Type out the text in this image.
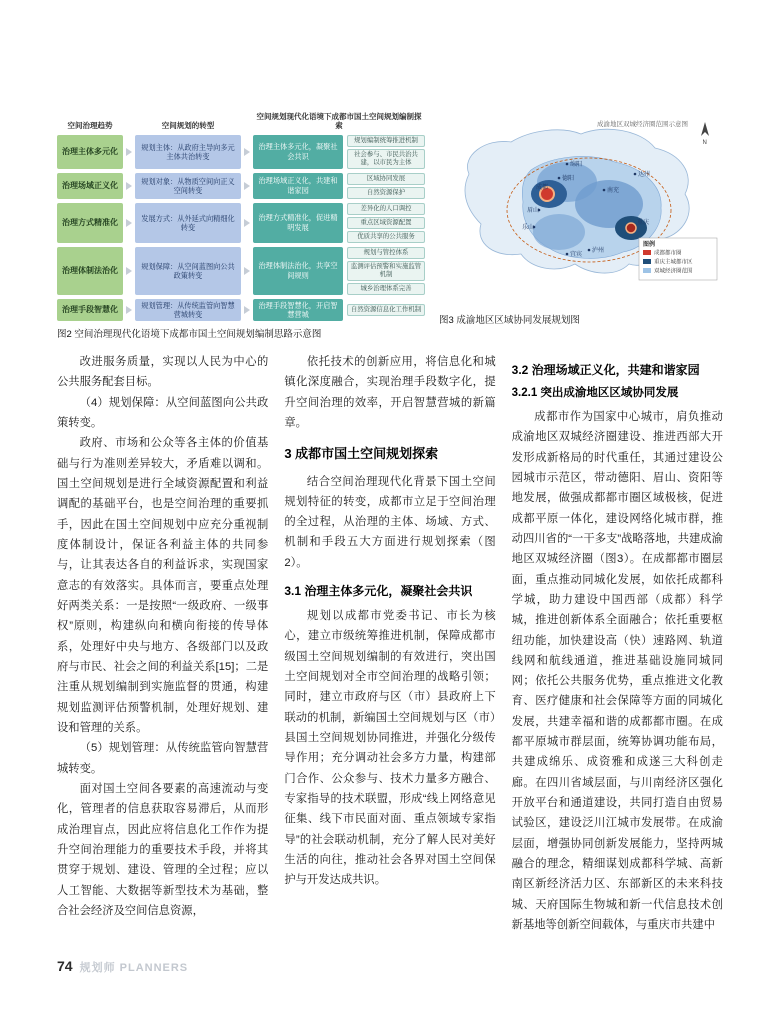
空间治理趋势	空间规划的转型
空间规划现代化语境下成都市国土空间规划编制探索
治理主体多元化	规划主体：从政府主导向多元主体共治转变
治理主体多元化，凝聚社会共识
规划编制统筹推进机制
社会参与、市民共治共建，以市民为主体
治理场域正义化	规划对象：从物质空间向正义空间转变
治理场域正义化，共建和谐家园
区域协同发展
自然资源保护
治理方式精准化	发展方式：从外延式向精细化转变
治理方式精准化，促进精明发展
差异化的人口调控
重点区域资源配置
优质共享的公共服务
治理体制法治化	规划保障：从空间蓝图向公共政策转变
治理体制法治化，共享空间规则
规划与管控体系
监测评估预警和实施监管机制
城乡治理体系完善
治理手段智慧化	规划管理：从传统监管向智慧营城转变
治理手段智慧化，开启智慧营城
自然资源信息化工作机制
图2 空间治理现代化语境下成都市国土空间规划编制思路示意图
绵阳
德阳
成都
眉山
乐山
宜宾
泸州
南充
达州
重庆
成渝地区双城经济圈范围示意图
N
图例
成都都市圈
重庆主城都市区
双城经济圈范围
图3 成渝地区区域协同发展规划图

改进服务质量，实现以人民为中心的公共服务配套目标。

（4）规划保障：从空间蓝图向公共政策转变。

政府、市场和公众等各主体的价值基础与行为准则差异较大，矛盾难以调和。国土空间规划是进行全域资源配置和利益调配的基础平台，也是空间治理的重要抓手，因此在国土空间规划中应充分重视制度体制设计，保证各利益主体的共同参与，让其表达各自的利益诉求，实现国家意志的有效落实。具体而言，要重点处理好两类关系：一是按照“一级政府、一级事权”原则，构建纵向和横向衔接的传导体系，处理好中央与地方、各级部门以及政府与市民、社会之间的利益关系[15]；二是注重从规划编制到实施监督的贯通，构建规划监测评估预警机制，处理好规划、建设和管理的关系。

（5）规划管理：从传统监管向智慧营城转变。

面对国土空间各要素的高速流动与变化，管理者的信息获取容易滞后，从而形成治理盲点，因此应将信息化工作作为提升空间治理能力的重要技术手段，并将其贯穿于规划、建设、管理的全过程；应以人工智能、大数据等新型技术为基础，整合社会经济及空间信息资源，

依托技术的创新应用，将信息化和城镇化深度融合，实现治理手段数字化，提升空间治理的效率，开启智慧营城的新篇章。

3 成都市国土空间规划探索

结合空间治理现代化背景下国土空间规划特征的转变，成都市立足于空间治理的全过程，从治理的主体、场域、方式、机制和手段五大方面进行规划探索（图2）。

3.1 治理主体多元化，凝聚社会共识

规划以成都市党委书记、市长为核心，建立市级统筹推进机制，保障成都市级国土空间规划编制的有效进行，突出国土空间规划对全市空间治理的战略引领；同时，建立市政府与区（市）县政府上下联动的机制，新编国土空间规划与区（市）县国土空间规划协同推进，并强化分级传导作用；充分调动社会多方力量，构建部门合作、公众参与、技术力量多方融合、专家指导的技术联盟，形成“线上网络意见征集、线下市民面对面、重点领域专家指导”的社会联动机制，充分了解人民对美好生活的向往，推动社会各界对国土空间保护与开发达成共识。

3.2 治理场域正义化，共建和谐家园
3.2.1 突出成渝地区区域协同发展

成都市作为国家中心城市，肩负推动成渝地区双城经济圈建设、推进西部大开发形成新格局的时代重任，其通过建设公园城市示范区，带动德阳、眉山、资阳等地发展，做强成都都市圈区域极核，促进成都平原一体化，建设网络化城市群，推动四川省的“一干多支”战略落地，共建成渝地区双城经济圈（图3）。在成都都市圈层面，重点推动同城化发展，如依托成都科学城，助力建设中国西部（成都）科学城，推进创新体系全面融合；依托重要枢纽功能，加快建设高（快）速路网、轨道线网和航线通道，推进基础设施同城同网；依托公共服务优势，重点推进文化教育、医疗健康和社会保障等方面的同城化发展，共建幸福和谐的成都都市圈。在成都平原城市群层面，统筹协调功能布局，共建成绵乐、成资雅和成遂三大科创走廊。在四川省域层面，与川南经济区强化开放平台和通道建设，共同打造自由贸易试验区，建设泛川江城市发展带。在成渝层面，增强协同创新发展能力，坚持两城融合的理念，精细谋划成都科学城、高新南区新经济活力区、东部新区的未来科技城、天府国际生物城和新一代信息技术创新基地等创新空间载体，与重庆市共建中

74 规划师 PLANNERS
